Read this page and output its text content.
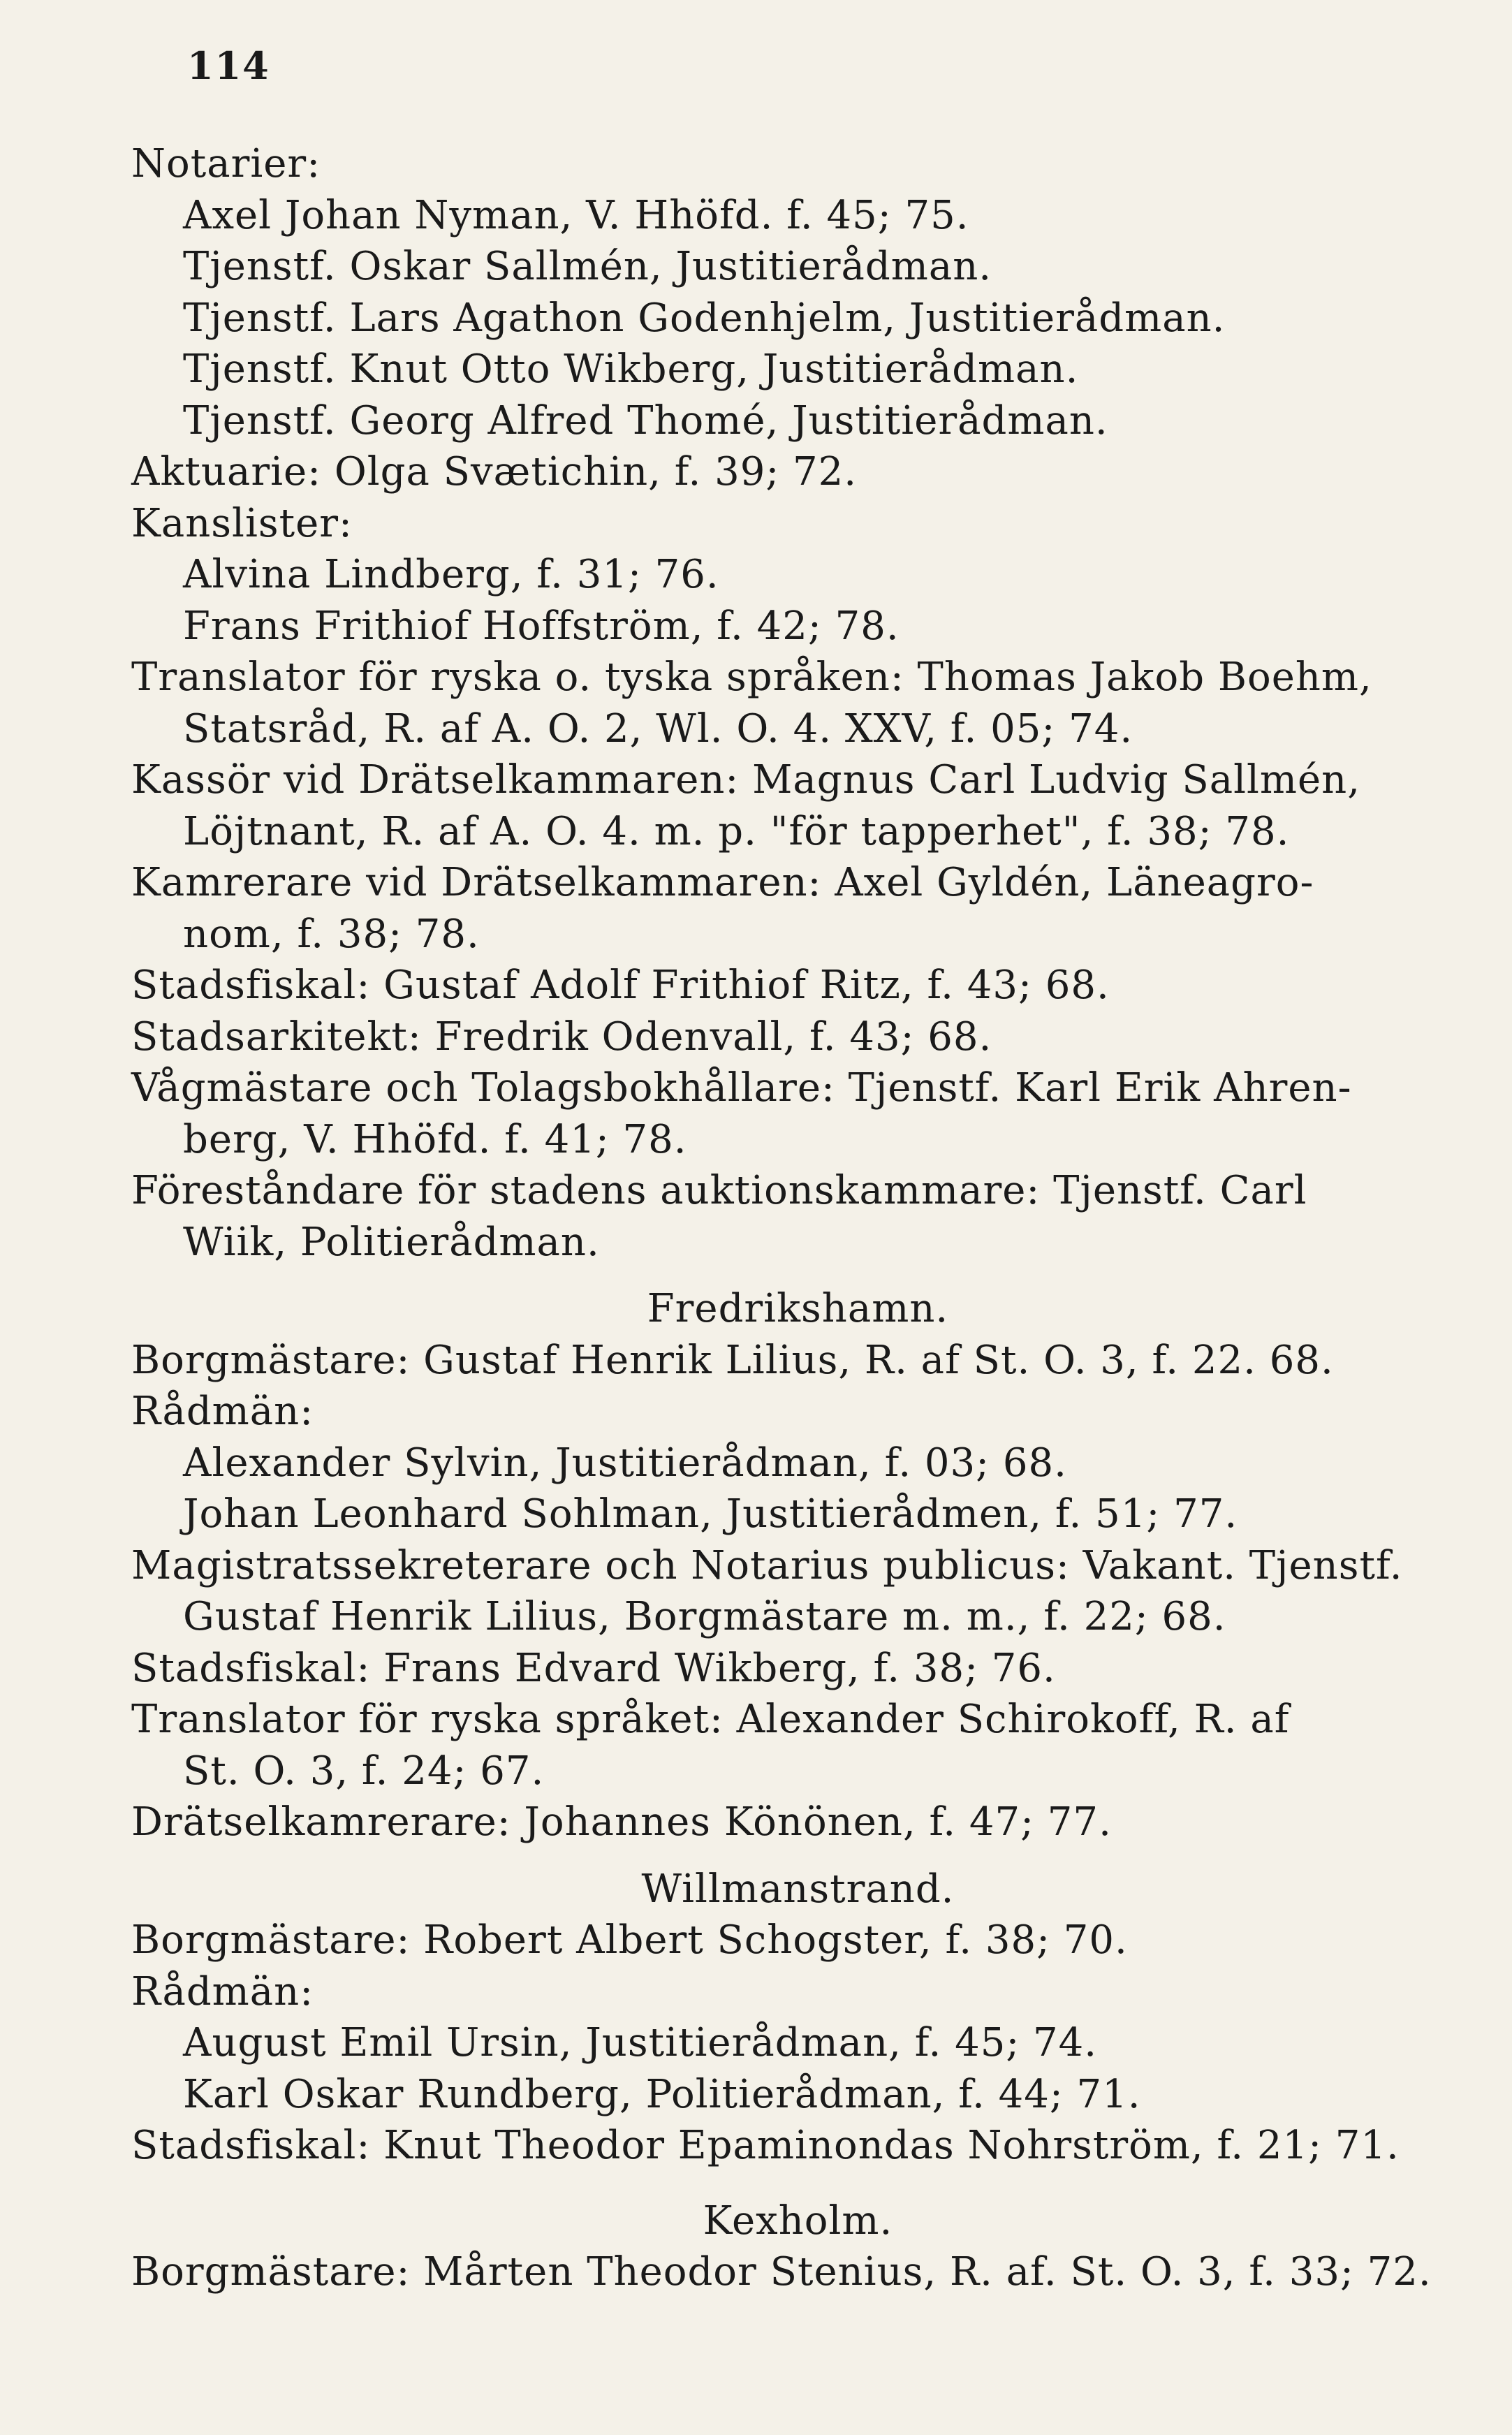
114
Notarier:
Axel Johan Nyman, V. Hhöfd. f. 45; 75.
Tjenstf. Oskar Sallmén, Justitierådman.
Tjenstf. Lars Agathon Godenhjelm, Justitierådman.
Tjenstf. Knut Otto Wikberg, Justitierådman.
Tjenstf. Georg Alfred Thomé, Justitierådman.
Aktuarie: Olga Svætichin, f. 39; 72.
Kanslister:
Alvina Lindberg, f. 31; 76.
Frans Frithiof Hoffström, f. 42; 78.
Translator för ryska o. tyska språken: Thomas Jakob Boehm,
Statsråd, R. af A. O. 2, Wl. O. 4. XXV, f. 05; 74.
Kassör vid Drätselkammaren: Magnus Carl Ludvig Sallmén,
Löjtnant, R. af A. O. 4. m. p. "för tapperhet", f. 38; 78.
Kamrerare vid Drätselkammaren: Axel Gyldén, Läneagro-
nom, f. 38; 78.
Stadsfiskal: Gustaf Adolf Frithiof Ritz, f. 43; 68.
Stadsarkitekt: Fredrik Odenvall, f. 43; 68.
Vågmästare och Tolagsbokhållare: Tjenstf. Karl Erik Ahren-
berg, V. Hhöfd. f. 41; 78.
Föreståndare för stadens auktionskammare: Tjenstf. Carl
Wiik, Politierådman.
Fredrikshamn.
Borgmästare: Gustaf Henrik Lilius, R. af St. O. 3, f. 22. 68.
Rådmän:
Alexander Sylvin, Justitierådman, f. 03; 68.
Johan Leonhard Sohlman, Justitierådmen, f. 51; 77.
Magistratssekreterare och Notarius publicus: Vakant. Tjenstf.
Gustaf Henrik Lilius, Borgmästare m. m., f. 22; 68.
Stadsfiskal: Frans Edvard Wikberg, f. 38; 76.
Translator för ryska språket: Alexander Schirokoff, R. af
St. O. 3, f. 24; 67.
Drätselkamrerare: Johannes Könönen, f. 47; 77.
Willmanstrand.
Borgmästare: Robert Albert Schogster, f. 38; 70.
Rådmän:
August Emil Ursin, Justitierådman, f. 45; 74.
Karl Oskar Rundberg, Politierådman, f. 44; 71.
Stadsfiskal: Knut Theodor Epaminondas Nohrström, f. 21; 71.
Kexholm.
Borgmästare: Mårten Theodor Stenius, R. af. St. O. 3, f. 33; 72.
